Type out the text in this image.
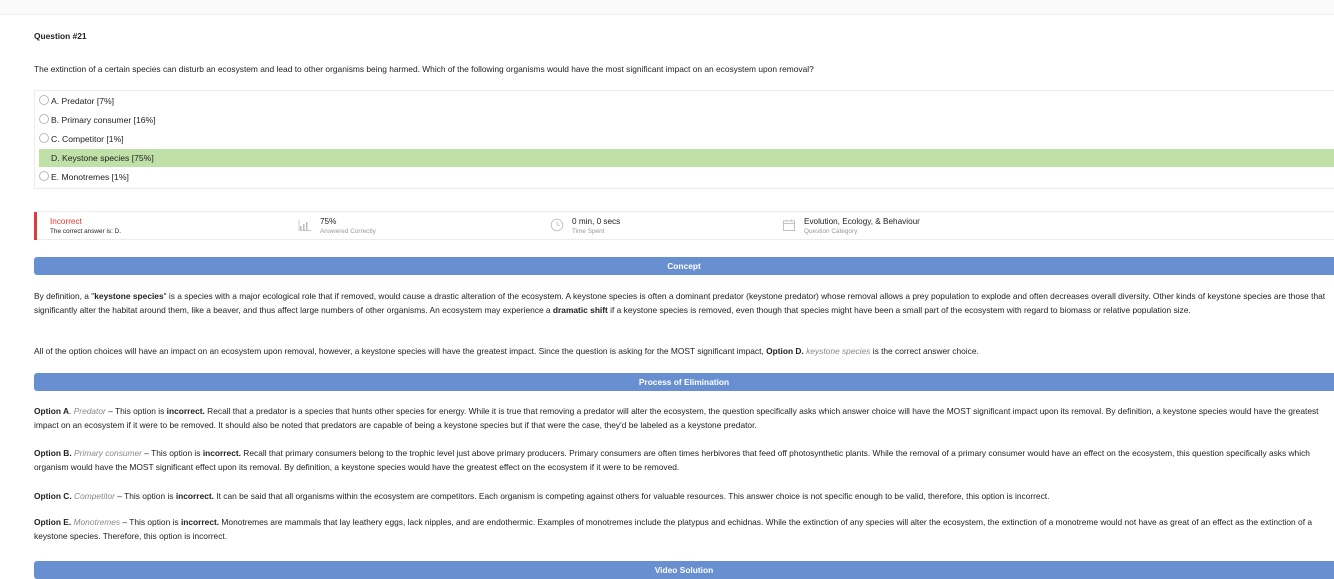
Question #21
The extinction of a certain species can disturb an ecosystem and lead to other organisms being harmed. Which of the following organisms would have the most significant impact on an ecosystem upon removal?
A. Predator [7%]
B. Primary consumer [16%]
C. Competitor [1%]
D. Keystone species [75%]
E. Monotremes [1%]
Incorrect
The correct answer is: D.
75%
Answered Correctly
0 min, 0 secs
Time Spent
Evolution, Ecology, & Behaviour
Question Category
Concept
By definition, a "keystone species" is a species with a major ecological role that if removed, would cause a drastic alteration of the ecosystem. A keystone species is often a dominant predator (keystone predator) whose removal allows a prey population to explode and often decreases overall diversity. Other kinds of keystone species are those that significantly alter the habitat around them, like a beaver, and thus affect large numbers of other organisms. An ecosystem may experience a dramatic shift if a keystone species is removed, even though that species might have been a small part of the ecosystem with regard to biomass or relative population size.
All of the option choices will have an impact on an ecosystem upon removal, however, a keystone species will have the greatest impact. Since the question is asking for the MOST significant impact, Option D. keystone species is the correct answer choice.
Process of Elimination
Option A. Predator – This option is incorrect. Recall that a predator is a species that hunts other species for energy. While it is true that removing a predator will alter the ecosystem, the question specifically asks which answer choice will have the MOST significant impact upon its removal. By definition, a keystone species would have the greatest impact on an ecosystem if it were to be removed. It should also be noted that predators are capable of being a keystone species but if that were the case, they'd be labeled as a keystone predator.
Option B. Primary consumer – This option is incorrect. Recall that primary consumers belong to the trophic level just above primary producers. Primary consumers are often times herbivores that feed off photosynthetic plants. While the removal of a primary consumer would have an effect on the ecosystem, this question specifically asks which organism would have the MOST significant effect upon its removal. By definition, a keystone species would have the greatest effect on the ecosystem if it were to be removed.
Option C. Competitor – This option is incorrect. It can be said that all organisms within the ecosystem are competitors. Each organism is competing against others for valuable resources. This answer choice is not specific enough to be valid, therefore, this option is incorrect.
Option E. Monotremes – This option is incorrect. Monotremes are mammals that lay leathery eggs, lack nipples, and are endothermic. Examples of monotremes include the platypus and echidnas. While the extinction of any species will alter the ecosystem, the extinction of a monotreme would not have as great of an effect as the extinction of a keystone species. Therefore, this option is incorrect.
Video Solution
